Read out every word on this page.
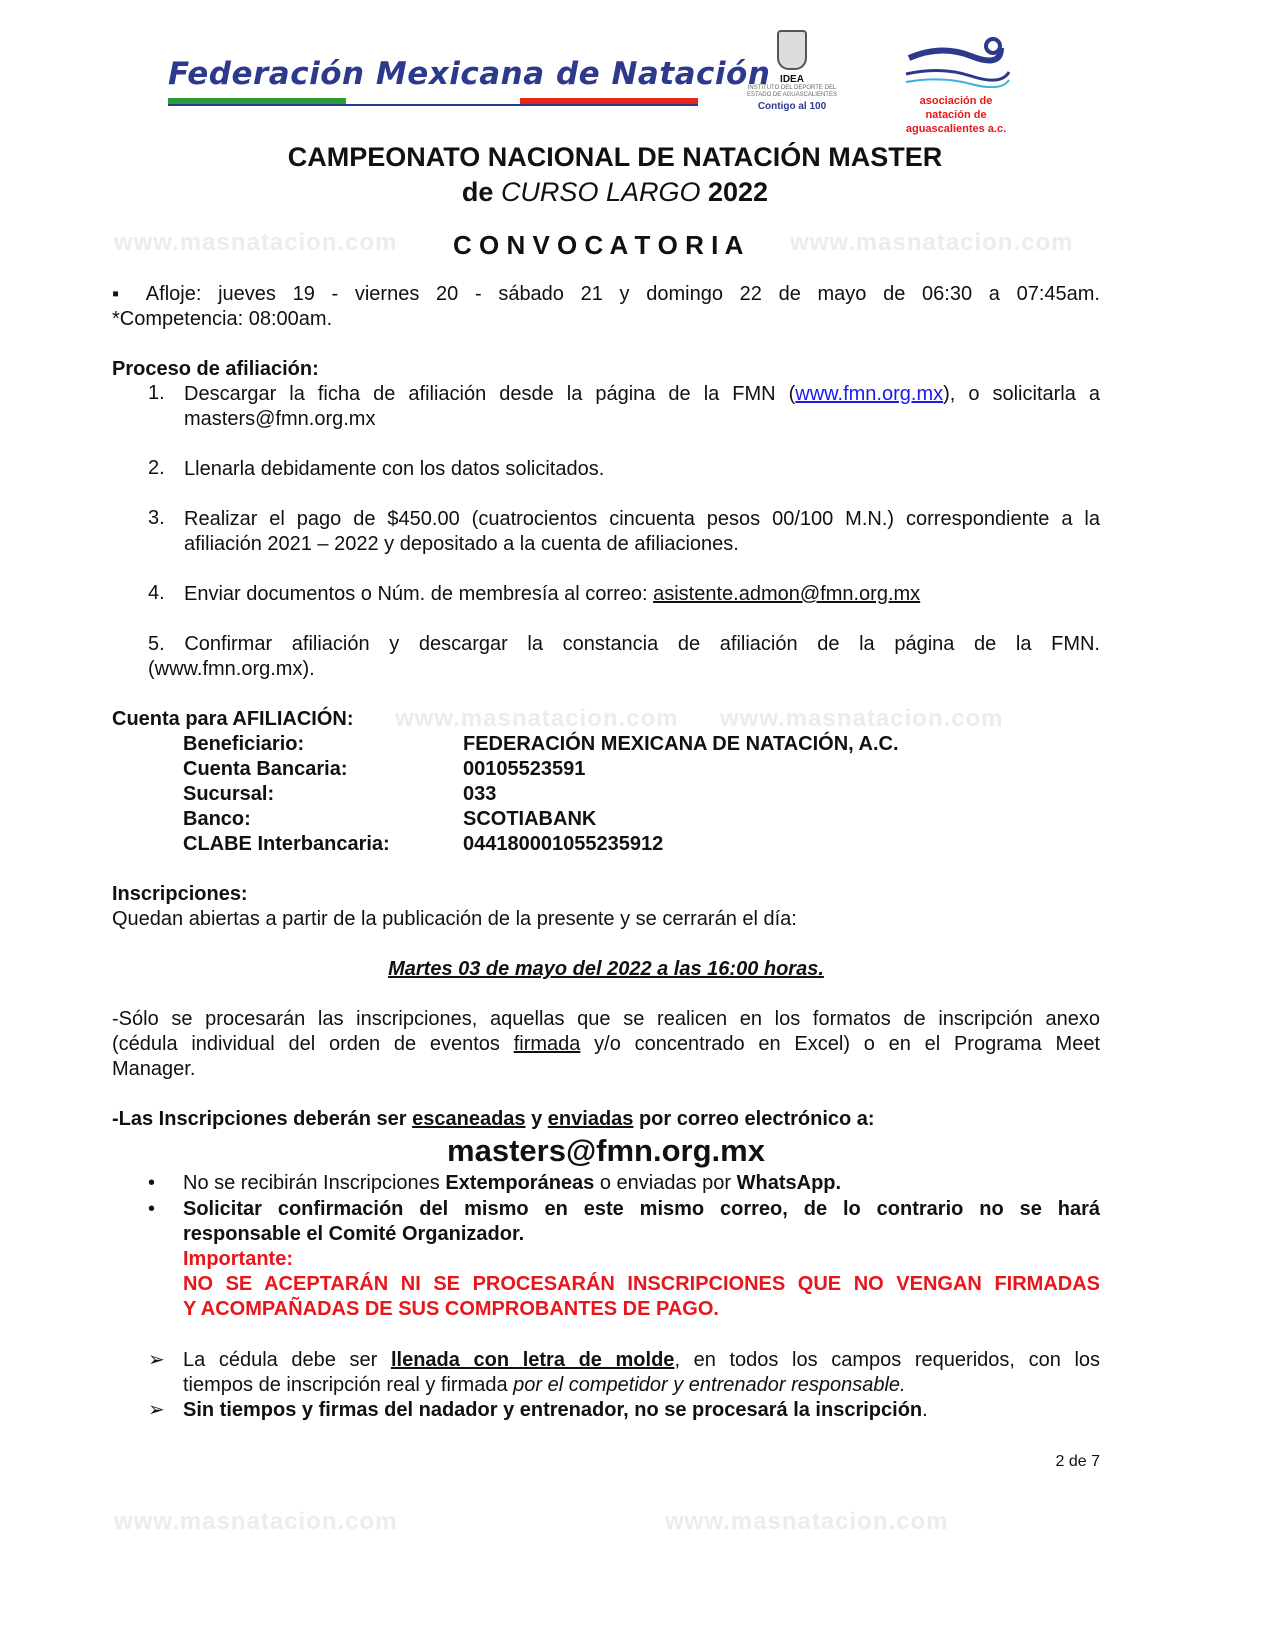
Federación Mexicana de Natación IDEA
INSTITUTO DEL DEPORTE DEL ESTADO DE AGUASCALIENTES
Contigo al 100	asociación de natación de aguascalientes a.c.
CAMPEONATO NACIONAL DE NATACIÓN MASTER
de CURSO LARGO 2022
www.masnatacion.com	www.masnatacion.com
C O N V O C A T O R I A
▪ Afloje: jueves 19 - viernes 20 - sábado 21 y domingo 22 de mayo de 06:30 a 07:45am.
*Competencia: 08:00am.
Proceso de afiliación:
1. Descargar la ficha de afiliación desde la página de la FMN (www.fmn.org.mx), o solicitarla a
masters@fmn.org.mx
2. Llenarla debidamente con los datos solicitados.
3. Realizar el pago de $450.00 (cuatrocientos cincuenta pesos 00/100 M.N.) correspondiente a la
afiliación 2021 – 2022 y depositado a la cuenta de afiliaciones.
4. Enviar documentos o Núm. de membresía al correo: asistente.admon@fmn.org.mx
5. Confirmar afiliación y descargar la constancia de afiliación de la página de la FMN.
(www.fmn.org.mx).
www.masnatacion.com www.masnatacion.com
Cuenta para AFILIACIÓN:
Beneficiario:	FEDERACIÓN MEXICANA DE NATACIÓN, A.C.
Cuenta Bancaria:	00105523591
Sucursal:	033
Banco:	SCOTIABANK
CLABE Interbancaria:	044180001055235912
Inscripciones:
Quedan abiertas a partir de la publicación de la presente y se cerrarán el día:
Martes 03 de mayo del 2022 a las 16:00 horas.
-Sólo se procesarán las inscripciones, aquellas que se realicen en los formatos de inscripción anexo
(cédula individual del orden de eventos firmada y/o concentrado en Excel) o en el Programa Meet
Manager.
-Las Inscripciones deberán ser escaneadas y enviadas por correo electrónico a:
masters@fmn.org.mx
• No se recibirán Inscripciones Extemporáneas o enviadas por WhatsApp.
• Solicitar confirmación del mismo en este mismo correo, de lo contrario no se hará
responsable el Comité Organizador.
Importante:
NO SE ACEPTARÁN NI SE PROCESARÁN INSCRIPCIONES QUE NO VENGAN FIRMADAS
Y ACOMPAÑADAS DE SUS COMPROBANTES DE PAGO.
➢ La cédula debe ser llenada con letra de molde, en todos los campos requeridos, con los
tiempos de inscripción real y firmada por el competidor y entrenador responsable.
➢ Sin tiempos y firmas del nadador y entrenador, no se procesará la inscripción.
2 de 7
www.masnatacion.com	www.masnatacion.com
